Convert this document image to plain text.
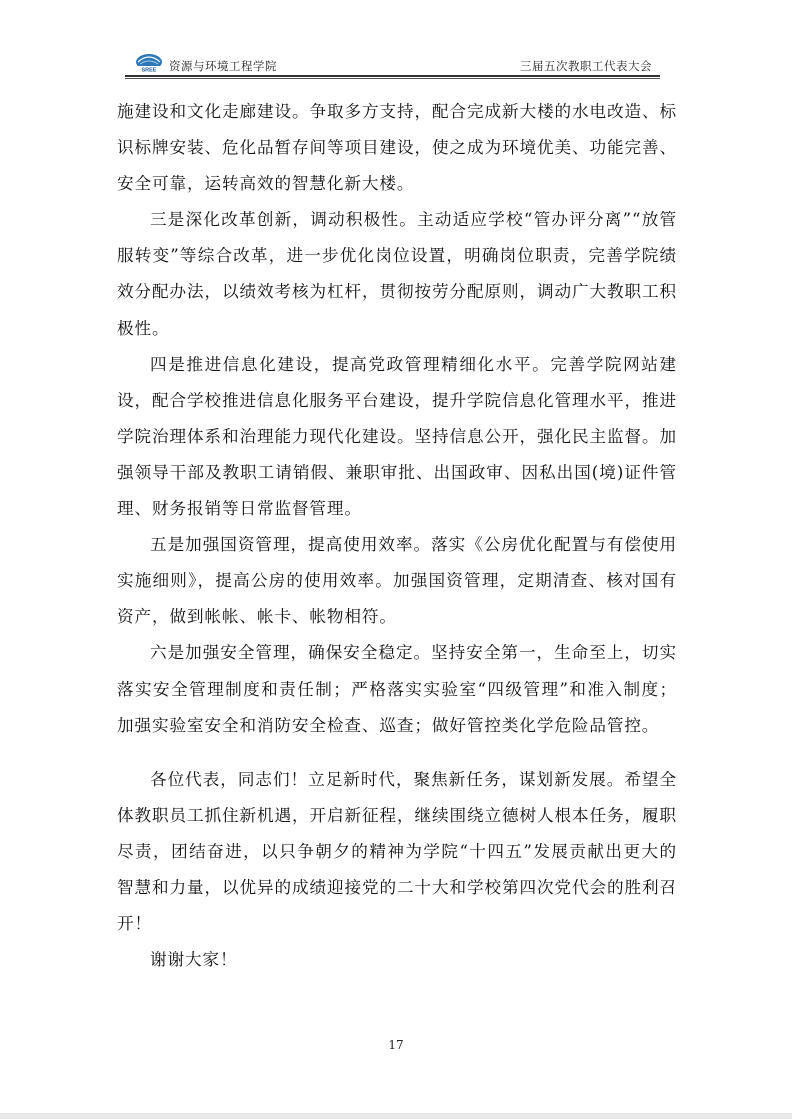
SREE 资源与环境工程学院	三届五次教职工代表大会

施建设和文化走廊建设。争取多方支持，配合完成新大楼的水电改造、标识标牌安装、危化品暂存间等项目建设，使之成为环境优美、功能完善、安全可靠，运转高效的智慧化新大楼。

三是深化改革创新，调动积极性。主动适应学校“管办评分离”“放管服转变”等综合改革，进一步优化岗位设置，明确岗位职责，完善学院绩效分配办法，以绩效考核为杠杆，贯彻按劳分配原则，调动广大教职工积极性。

四是推进信息化建设，提高党政管理精细化水平。完善学院网站建设，配合学校推进信息化服务平台建设，提升学院信息化管理水平，推进学院治理体系和治理能力现代化建设。坚持信息公开，强化民主监督。加强领导干部及教职工请销假、兼职审批、出国政审、因私出国(境)证件管理、财务报销等日常监督管理。

五是加强国资管理，提高使用效率。落实《公房优化配置与有偿使用实施细则》，提高公房的使用效率。加强国资管理，定期清查、核对国有资产，做到帐帐、帐卡、帐物相符。

六是加强安全管理，确保安全稳定。坚持安全第一，生命至上，切实落实安全管理制度和责任制；严格落实实验室“四级管理”和准入制度；加强实验室安全和消防安全检查、巡查；做好管控类化学危险品管控。

各位代表，同志们！立足新时代，聚焦新任务，谋划新发展。希望全体教职员工抓住新机遇，开启新征程，继续围绕立德树人根本任务，履职尽责，团结奋进，以只争朝夕的精神为学院“十四五”发展贡献出更大的智慧和力量，以优异的成绩迎接党的二十大和学校第四次党代会的胜利召开！

谢谢大家！

17
